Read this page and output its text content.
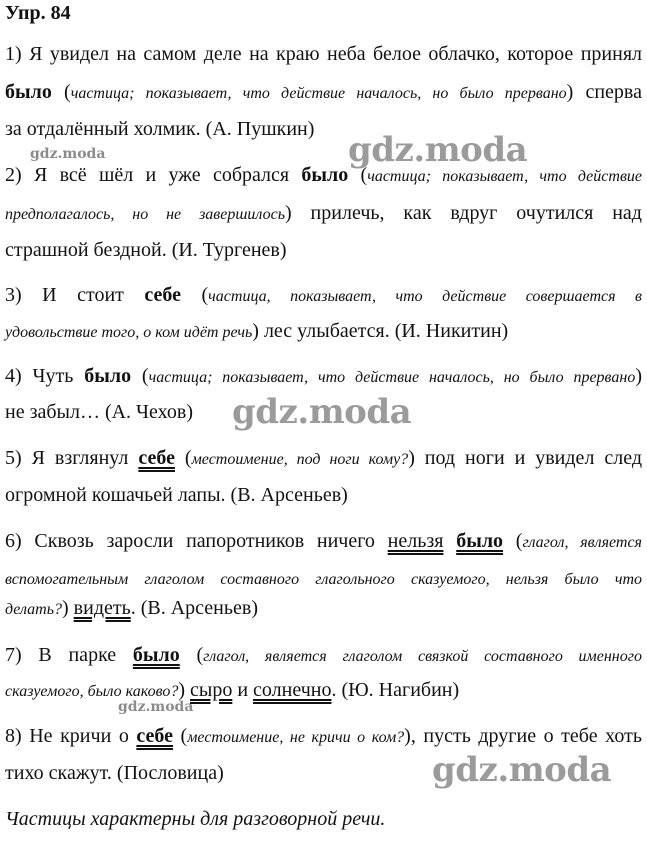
Упр. 84
1) Я увидел на самом деле на краю неба белое облачко, которое принял
было (частица; показывает, что действие началось, но было прервано) сперва
за отдалённый холмик. (А. Пушкин)
2) Я всё шёл и уже собрался было (частица; показывает, что действие
предполагалось, но не завершилось) прилечь, как вдруг очутился над
страшной бездной. (И. Тургенев)
3) И стоит себе (частица, показывает, что действие совершается в
удовольствие того, о ком идёт речь) лес улыбается. (И. Никитин)
4) Чуть было (частица; показывает, что действие началось, но было прервано)
не забыл… (А. Чехов)
5) Я взглянул себе (местоимение, под ноги кому?) под ноги и увидел след
огромной кошачьей лапы. (В. Арсеньев)
6) Сквозь заросли папоротников ничего нельзя было (глагол, является
вспомогательным глаголом составного глагольного сказуемого, нельзя было что
делать?) видеть. (В. Арсеньев)
7) В парке было (глагол, является глаголом связкой составного именного
сказуемого, было каково?) сыро и солнечно. (Ю. Нагибин)
8) Не кричи о себе (местоимение, не кричи о ком?), пусть другие о тебе хоть
тихо скажут. (Пословица)
Частицы характерны для разговорной речи.
gdz.moda
gdz.moda
gdz.moda
gdz.moda
gdz.moda
